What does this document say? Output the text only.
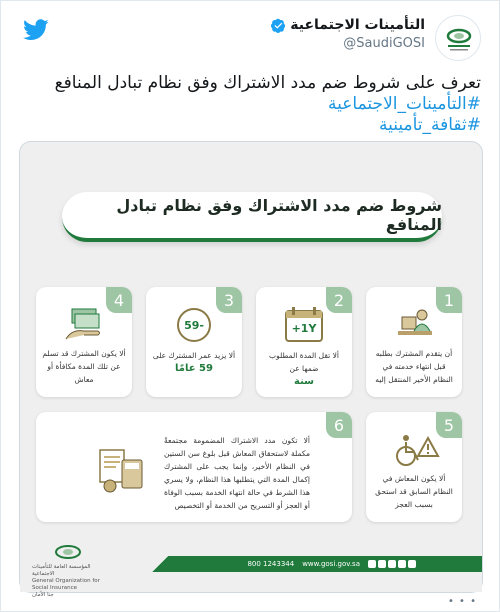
التأمينات الاجتماعية
@SaudiGOSI
تعرف على شروط ضم مدد الاشتراك وفق نظام تبادل المنافع
#التأمينات_الاجتماعية
#ثقافة_تأمينية
شروط ضم مدد الاشتراك وفق نظام تبادل المنافع
1
أن يتقدم المشترك بطلبه قبل انتهاء خدمته في النظام الأخير المنتقل إليه
2
+1Y
ألا تقل المدة المطلوب ضمها عن
سنة
3
59-
ألا يزيد عمر المشترك على 59 عامًا
4
ألا يكون المشترك قد تسلم عن تلك المدة مكافأة أو معاش
5
ألا يكون المعاش في النظام السابق قد استحق بسبب العجز
6
ألا تكون مدد الاشتراك المضمومة مجتمعةً مكملة لاستحقاق المعاش قبل بلوغ سن الستين في النظام الأخير، وإنما يجب على المشترك إكمال المدة التي يتطلبها هذا النظام، ولا يسري هذا الشرط في حالة انتهاء الخدمة بسبب الوفاة أو العجز أو التسريح من الخدمة أو التخصيص
المؤسسة العامة للتأمينات الاجتماعية
General Organization for Social Insurance
جنا الأمان
800 1243344 www.gosi.gov.sa
• • •
